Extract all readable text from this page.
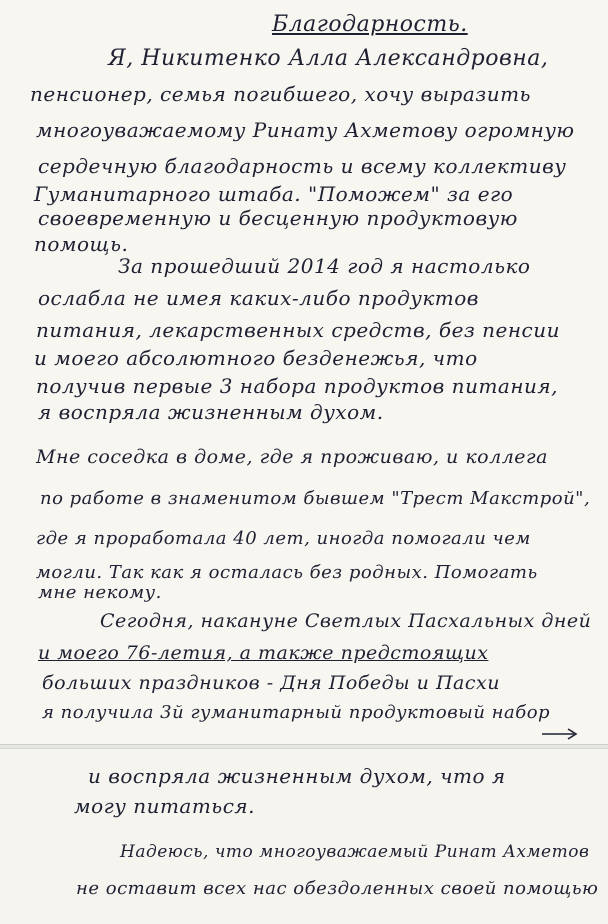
Благодарность.
Я, Никитенко Алла Александровна,
пенсионер, семья погибшего, хочу выразить
многоуважаемому Ринату Ахметову огромную
сердечную благодарность и всему коллективу
Гуманитарного штаба. "Поможем" за его
своевременную и бесценную продуктовую
помощь.
За прошедший 2014 год я настолько
ослабла не имея каких-либо продуктов
питания, лекарственных средств, без пенсии
и моего абсолютного безденежья, что
получив первые 3 набора продуктов питания,
я воспряла жизненным духом.
Мне соседка в доме, где я проживаю, и коллега
по работе в знаменитом бывшем "Трест Макстрой",
где я проработала 40 лет, иногда помогали чем
могли. Так как я осталась без родных. Помогать
мне некому.
Сегодня, накануне Светлых Пасхальных дней
и моего 76-летия, а также предстоящих
больших праздников - Дня Победы и Пасхи
я получила 3й гуманитарный продуктовый набор
и воспряла жизненным духом, что я
могу питаться.
Надеюсь, что многоуважаемый Ринат Ахметов
не оставит всех нас обездоленных своей помощью
